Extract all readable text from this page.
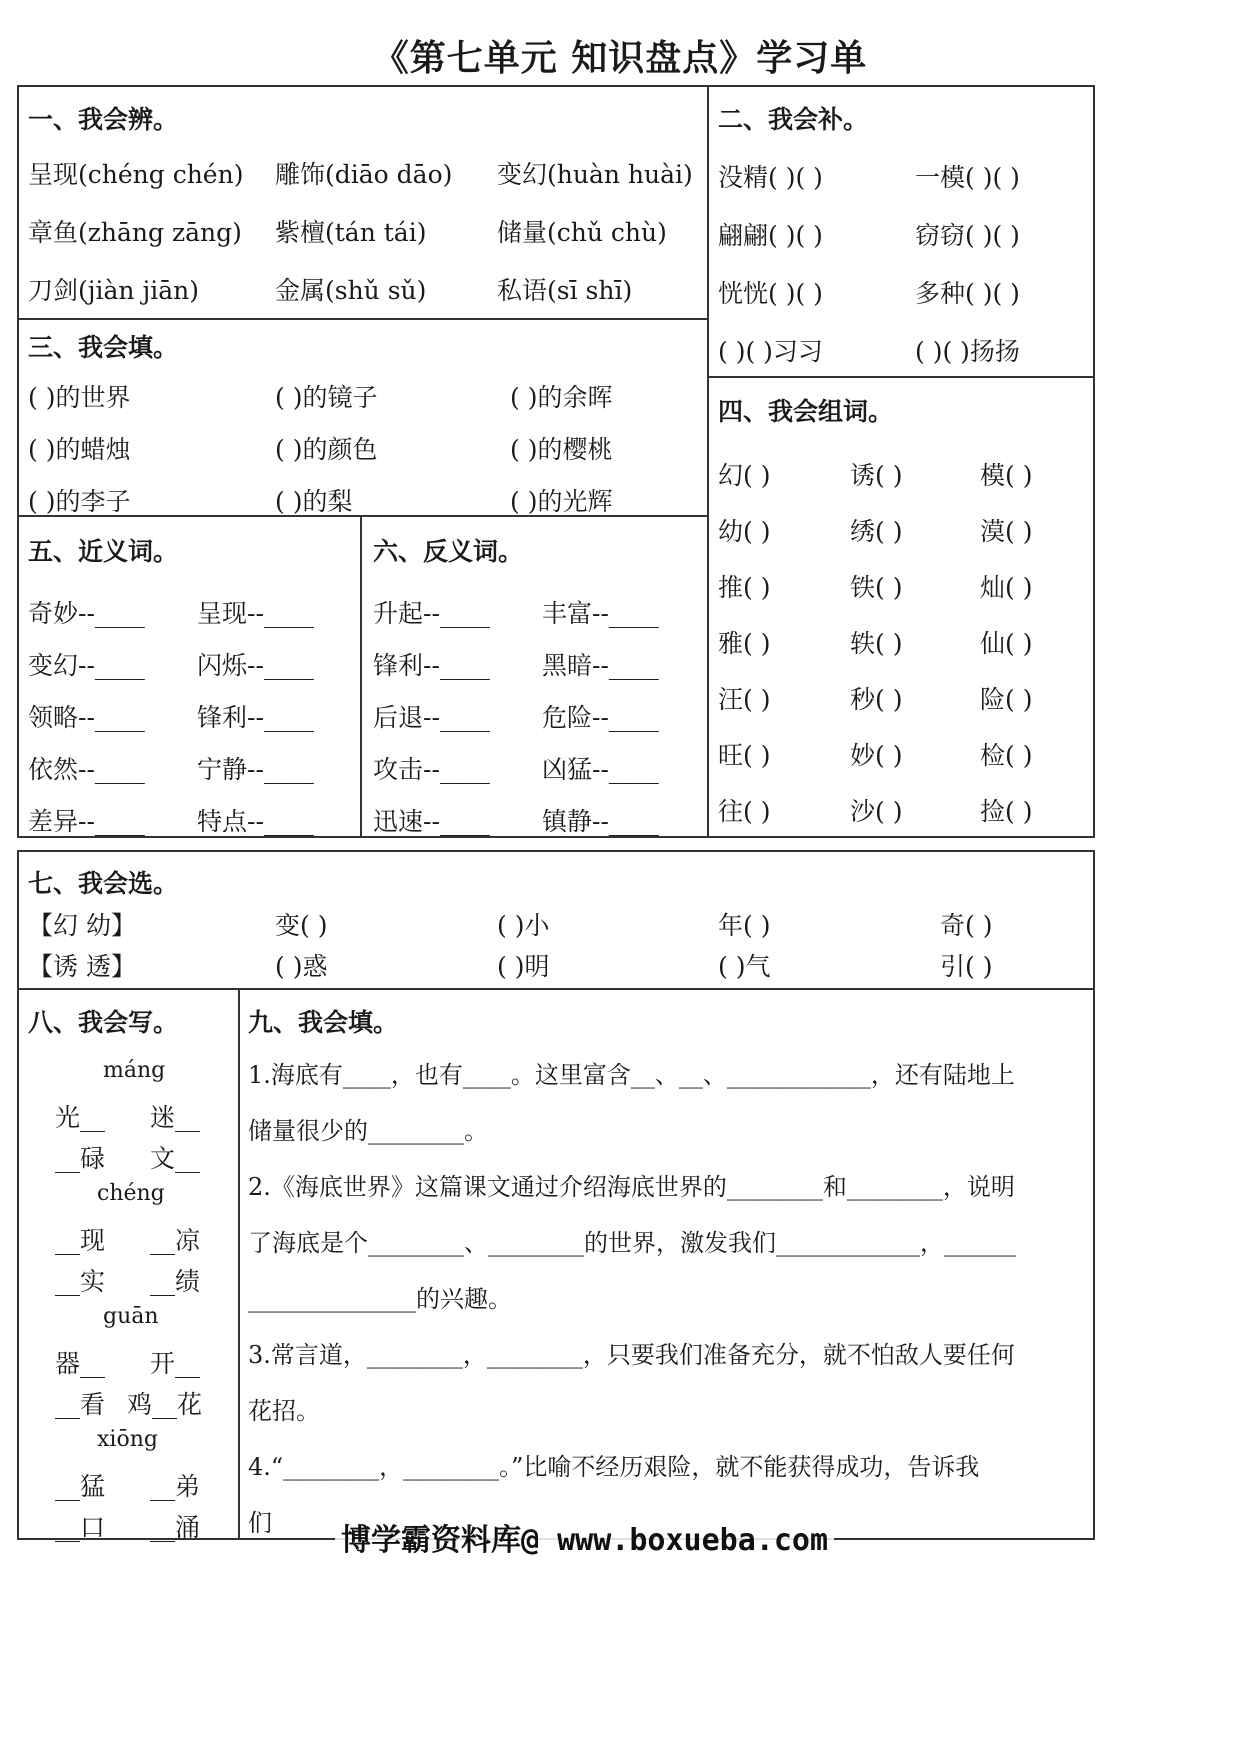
《第七单元 知识盘点》学习单
一、我会辨。
呈现(chéng chén) 雕饰(diāo dāo) 变幻(huàn huài)
章鱼(zhāng zāng) 紫檀(tán tái)	储量(chǔ chù)
刀剑(jiàn jiān)	金属(shǔ sǔ)	私语(sī shī)
二、我会补。
没精( )( )	一模( )( )
翩翩( )( )	窃窃( )( )
恍恍( )( )	多种( )( )
( )( )习习	( )( )扬扬
三、我会填。
( )的世界	( )的镜子	( )的余晖
( )的蜡烛	( )的颜色	( )的樱桃
( )的李子	( )的梨	( )的光辉
四、我会组词。
幻( )	诱( )	模( )
幼( )	绣( )	漠( )
推( )	铁( )	灿( )
雅( )	轶( )	仙( )
汪( )	秒( )	险( )
旺( )	妙( )	检( )
往( )	沙( )	捡( )
五、近义词。
奇妙--____ 呈现--____
变幻--____ 闪烁--____
领略--____ 锋利--____
依然--____ 宁静--____
差异--____ 特点--____
六、反义词。
升起--____ 丰富--____
锋利--____ 黑暗--____
后退--____ 危险--____
攻击--____ 凶猛--____
迅速--____ 镇静--____
七、我会选。
【幻 幼】	变( )	( )小	年( )	奇( )
【诱 透】	( )惑	( )明	( )气	引( )
八、我会写。
máng
光__ 迷__
__碌 文__
chéng
__现 __凉
__实 __绩
guān
器__ 开__
__看 鸡__花
xiōng
__猛 __弟
__口 __涌
九、我会填。
1.海底有____，也有____。这里富含__、__、____________，还有陆地上
储量很少的________。
2.《海底世界》这篇课文通过介绍海底世界的________和________，说明
了海底是个________、________的世界，激发我们____________，______
______________的兴趣。
3.常言道，________，________，只要我们准备充分，就不怕敌人要任何
花招。
4.“________，________。”比喻不经历艰险，就不能获得成功，告诉我
们 博学霸资料库@ www.boxueba.com
